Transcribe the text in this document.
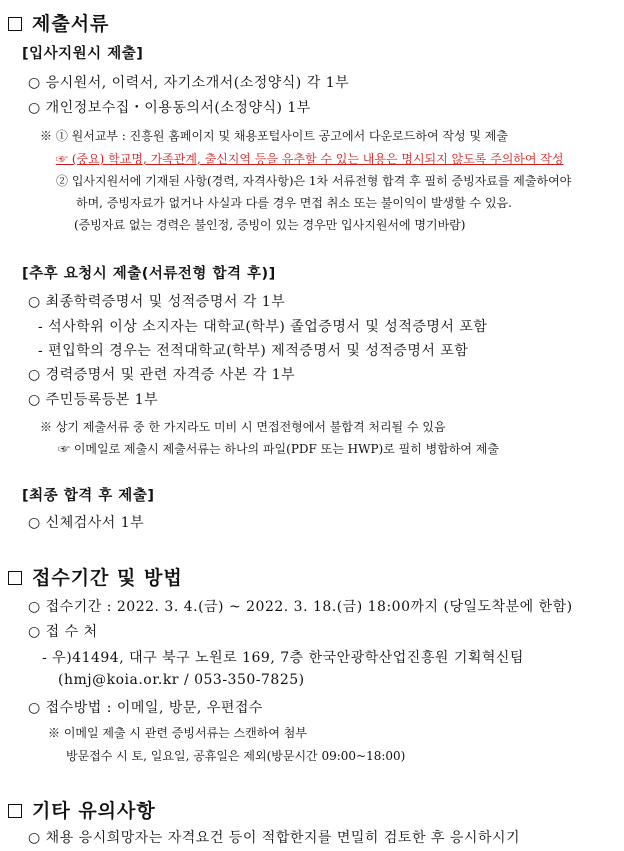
제출서류
[입사지원시 제출]
○ 응시원서, 이력서, 자기소개서(소정양식) 각 1부
○ 개인정보수집・이용동의서(소정양식) 1부
※ ① 원서교부 : 진흥원 홈페이지 및 채용포털사이트 공고에서 다운로드하여 작성 및 제출
☞ (중요) 학교명, 가족관계, 출신지역 등을 유추할 수 있는 내용은 명시되지 않도록 주의하여 작성
② 입사지원서에 기재된 사항(경력, 자격사항)은 1차 서류전형 합격 후 필히 증빙자료를 제출하여야
하며, 증빙자료가 없거나 사실과 다를 경우 면접 취소 또는 불이익이 발생할 수 있음.
(증빙자료 없는 경력은 불인정, 증빙이 있는 경우만 입사지원서에 명기바람)
[추후 요청시 제출(서류전형 합격 후)]
○ 최종학력증명서 및 성적증명서 각 1부
- 석사학위 이상 소지자는 대학교(학부) 졸업증명서 및 성적증명서 포함
- 편입학의 경우는 전적대학교(학부) 제적증명서 및 성적증명서 포함
○ 경력증명서 및 관련 자격증 사본 각 1부
○ 주민등록등본 1부
※ 상기 제출서류 중 한 가지라도 미비 시 면접전형에서 불합격 처리될 수 있음
☞ 이메일로 제출시 제출서류는 하나의 파일(PDF 또는 HWP)로 필히 병합하여 제출
[최종 합격 후 제출]
○ 신체검사서 1부
접수기간 및 방법
○ 접수기간 : 2022. 3. 4.(금) ~ 2022. 3. 18.(금) 18:00까지 (당일도착분에 한함)
○ 접 수 처
- 우)41494, 대구 북구 노원로 169, 7층 한국안광학산업진흥원 기획혁신팀
(hmj@koia.or.kr / 053-350-7825)
○ 접수방법 : 이메일, 방문, 우편접수
※ 이메일 제출 시 관련 증빙서류는 스캔하여 첨부
방문접수 시 토, 일요일, 공휴일은 제외(방문시간 09:00~18:00)
기타 유의사항
○ 채용 응시희망자는 자격요건 등이 적합한지를 면밀히 검토한 후 응시하시기
